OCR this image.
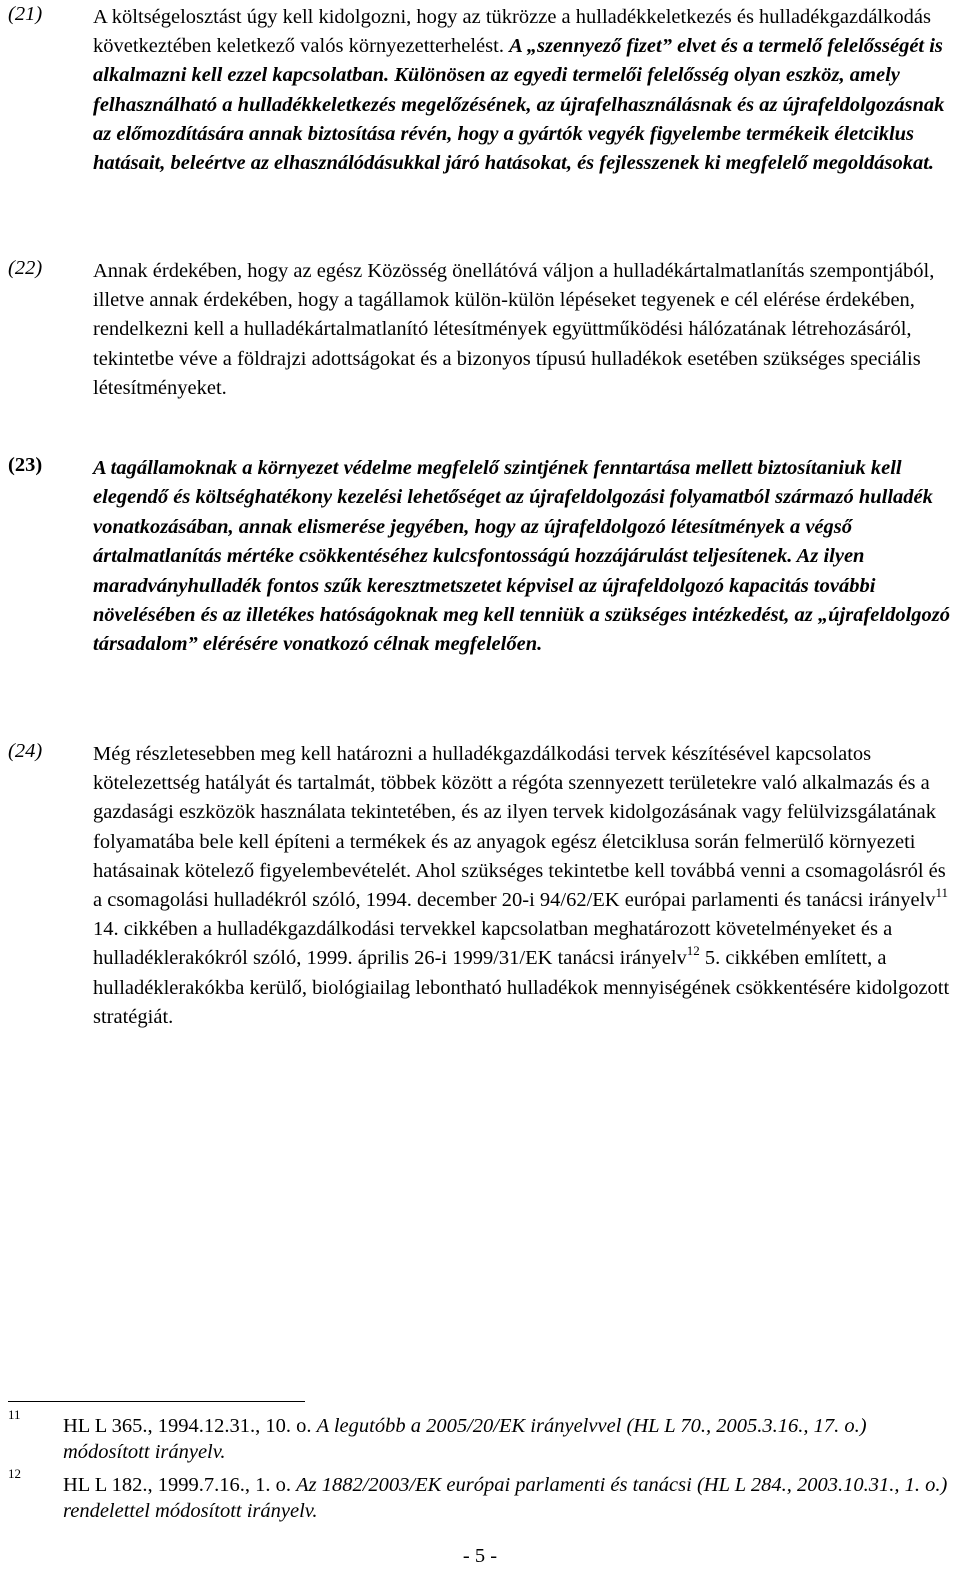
(21) A költségelosztást úgy kell kidolgozni, hogy az tükrözze a hulladékkeletkezés és hulladékgazdálkodás következtében keletkező valós környezetterhelést. A „szennyező fizet” elvet és a termelő felelősségét is alkalmazni kell ezzel kapcsolatban. Különösen az egyedi termelői felelősség olyan eszköz, amely felhasználható a hulladékkeletkezés megelőzésének, az újrafelhasználásnak és az újrafeldolgozásnak az előmozdítására annak biztosítása révén, hogy a gyártók vegyék figyelembe termékeik életciklus hatásait, beleértve az elhasználódásukkal járó hatásokat, és fejlesszenek ki megfelelő megoldásokat.
(22) Annak érdekében, hogy az egész Közösség önellátóvá váljon a hulladékártalmatlanítás szempontjából, illetve annak érdekében, hogy a tagállamok külön-külön lépéseket tegyenek e cél elérése érdekében, rendelkezni kell a hulladékártalmatlanító létesítmények együttműködési hálózatának létrehozásáról, tekintetbe véve a földrajzi adottságokat és a bizonyos típusú hulladékok esetében szükséges speciális létesítményeket.
(23) A tagállamoknak a környezet védelme megfelelő szintjének fenntartása mellett biztosítaniuk kell elegendő és költséghatékony kezelési lehetőséget az újrafeldolgozási folyamatból származó hulladék vonatkozásában, annak elismerése jegyében, hogy az újrafeldolgozó létesítmények a végső ártalmatlanítás mértéke csökkentéséhez kulcsfontosságú hozzájárulást teljesítenek. Az ilyen maradványhulladék fontos szűk keresztmetszetet képvisel az újrafeldolgozó kapacitás további növelésében és az illetékes hatóságoknak meg kell tenniük a szükséges intézkedést, az „újrafeldolgozó társadalom” elérésére vonatkozó célnak megfelelően.
(24) Még részletesebben meg kell határozni a hulladékgazdálkodási tervek készítésével kapcsolatos kötelezettség hatályát és tartalmát, többek között a régóta szennyezett területekre való alkalmazás és a gazdasági eszközök használata tekintetében, és az ilyen tervek kidolgozásának vagy felülvizsgálatának folyamatába bele kell építeni a termékek és az anyagok egész életciklusa során felmerülő környezeti hatásainak kötelező figyelembevételét. Ahol szükséges tekintetbe kell továbbá venni a csomagolásról és a csomagolási hulladékról szóló, 1994. december 20-i 94/62/EK európai parlamenti és tanácsi irányelv$^{11}$ 14. cikkében a hulladékgazdálkodási tervekkel kapcsolatban meghatározott követelményeket és a hulladéklerakókról szóló, 1999. április 26-i 1999/31/EK tanácsi irányelv$^{12}$ 5. cikkében említett, a hulladéklerakókba kerülő, biológiailag lebontható hulladékok mennyiségének csökkentésére kidolgozott stratégiát.
11
HL L 365., 1994.12.31., 10. o. A legutóbb a 2005/20/EK irányelvvel (HL L 70., 2005.3.16., 17. o.) módosított irányelv.
12
HL L 182., 1999.7.16., 1. o. Az 1882/2003/EK európai parlamenti és tanácsi (HL L 284., 2003.10.31., 1. o.) rendelettel módosított irányelv.
- 5 -
